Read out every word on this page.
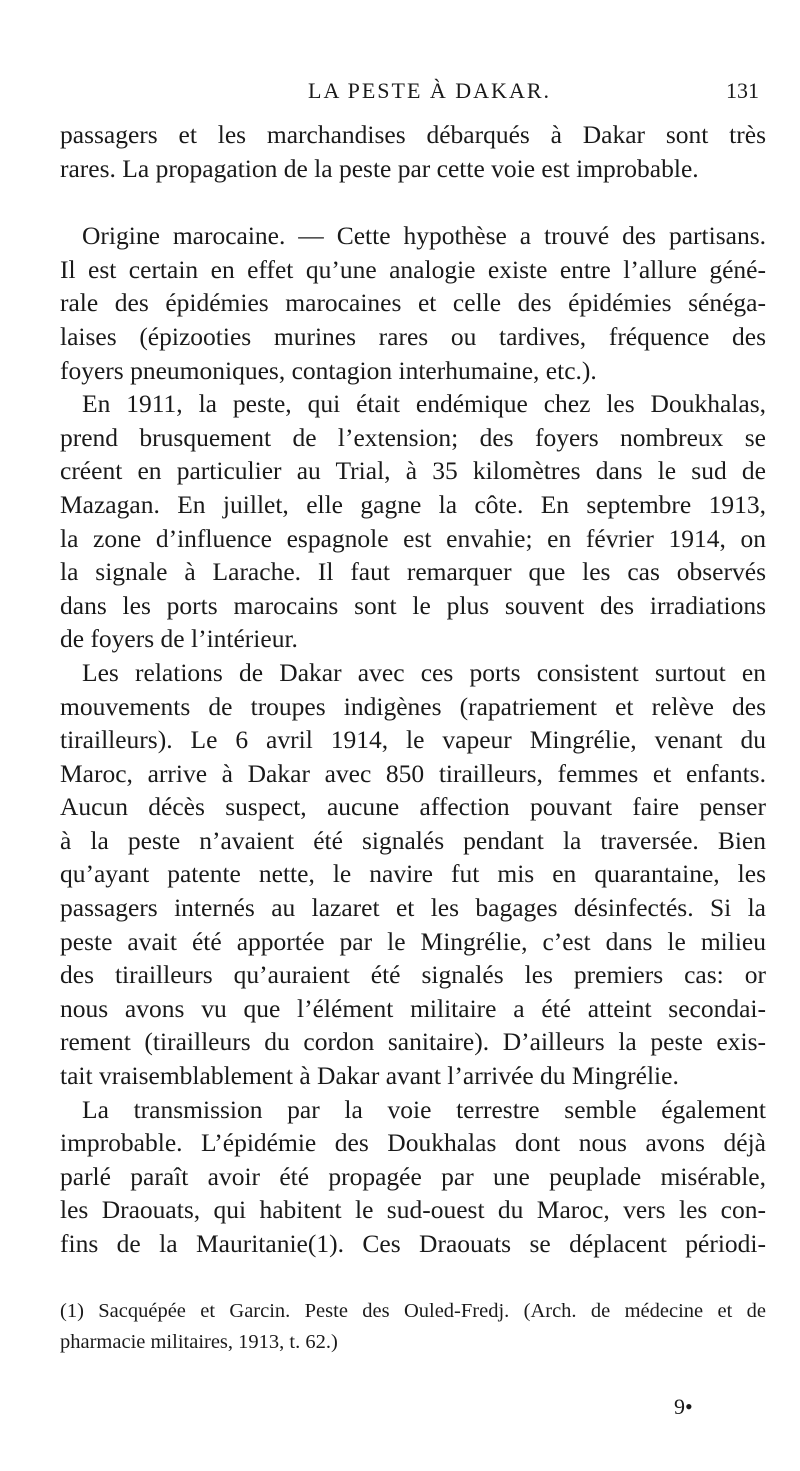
LA PESTE À DAKAR.	131

passagers et les marchandises débarqués à Dakar sont très
rares. La propagation de la peste par cette voie est improbable.

Origine marocaine. — Cette hypothèse a trouvé des partisans.
Il est certain en effet qu’une analogie existe entre l’allure géné-
rale des épidémies marocaines et celle des épidémies sénéga-
laises (épizooties murines rares ou tardives, fréquence des
foyers pneumoniques, contagion interhumaine, etc.).

En 1911, la peste, qui était endémique chez les Doukhalas,
prend brusquement de l’extension; des foyers nombreux se
créent en particulier au Trial, à 35 kilomètres dans le sud de
Mazagan. En juillet, elle gagne la côte. En septembre 1913,
la zone d’influence espagnole est envahie; en février 1914, on
la signale à Larache. Il faut remarquer que les cas observés
dans les ports marocains sont le plus souvent des irradiations
de foyers de l’intérieur.

Les relations de Dakar avec ces ports consistent surtout en
mouvements de troupes indigènes (rapatriement et relève des
tirailleurs). Le 6 avril 1914, le vapeur Mingrélie, venant du
Maroc, arrive à Dakar avec 850 tirailleurs, femmes et enfants.
Aucun décès suspect, aucune affection pouvant faire penser
à la peste n’avaient été signalés pendant la traversée. Bien
qu’ayant patente nette, le navire fut mis en quarantaine, les
passagers internés au lazaret et les bagages désinfectés. Si la
peste avait été apportée par le Mingrélie, c’est dans le milieu
des tirailleurs qu’auraient été signalés les premiers cas: or
nous avons vu que l’élément militaire a été atteint secondai-
rement (tirailleurs du cordon sanitaire). D’ailleurs la peste exis-
tait vraisemblablement à Dakar avant l’arrivée du Mingrélie.

La transmission par la voie terrestre semble également
improbable. L’épidémie des Doukhalas dont nous avons déjà
parlé paraît avoir été propagée par une peuplade misérable,
les Draouats, qui habitent le sud-ouest du Maroc, vers les con-
fins de la Mauritanie(1). Ces Draouats se déplacent périodi-

(1) Sacquépée et Garcin. Peste des Ouled-Fredj. (Arch. de médecine et de
pharmacie militaires, 1913, t. 62.)
9•
